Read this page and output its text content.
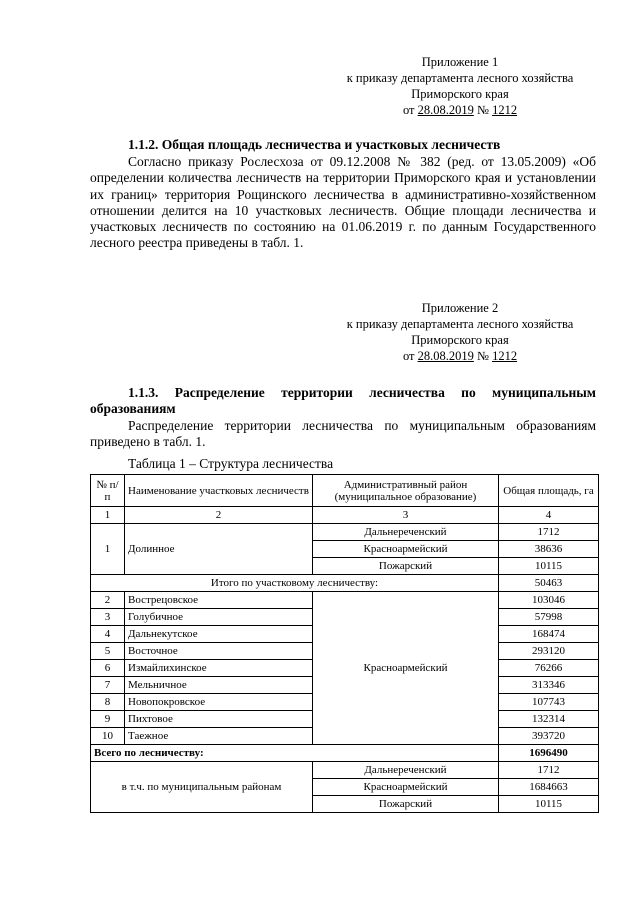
Приложение 1
к приказу департамента лесного хозяйства
Приморского края
от 28.08.2019 № 1212
1.1.2. Общая площадь лесничества и участковых лесничеств
Согласно приказу Рослесхоза от 09.12.2008 № 382 (ред. от 13.05.2009) «Об определении количества лесничеств на территории Приморского края и установлении их границ» территория Рощинского лесничества в административно-хозяйственном отношении делится на 10 участковых лесничеств. Общие площади лесничества и участковых лесничеств по состоянию на 01.06.2019 г. по данным Государственного лесного реестра приведены в табл. 1.
Приложение 2
к приказу департамента лесного хозяйства
Приморского края
от 28.08.2019 № 1212
1.1.3. Распределение территории лесничества по муниципальным
образованиям
Распределение территории лесничества по муниципальным образованиям приведено в табл. 1.
Таблица 1 – Структура лесничества
№ п/п	Наименование участковых лесничеств	Административный район (муниципальное образование)	Общая площадь, га
1	2	3	4
1	Долинное	Дальнереченский	1712
		Красноармейский	38636
		Пожарский	10115
Итого по участковому лесничеству:			50463
2	Вострецовское	Красноармейский	103046
3	Голубичное		57998
4	Дальнекутское		168474
5	Восточное		293120
6	Измайлихинское		76266
7	Мельничное		313346
8	Новопокровское		107743
9	Пихтовое		132314
10	Таежное		393720
Всего по лесничеству:			1696490
в т.ч. по муниципальным районам		Дальнереченский	1712
		Красноармейский	1684663
		Пожарский	10115
